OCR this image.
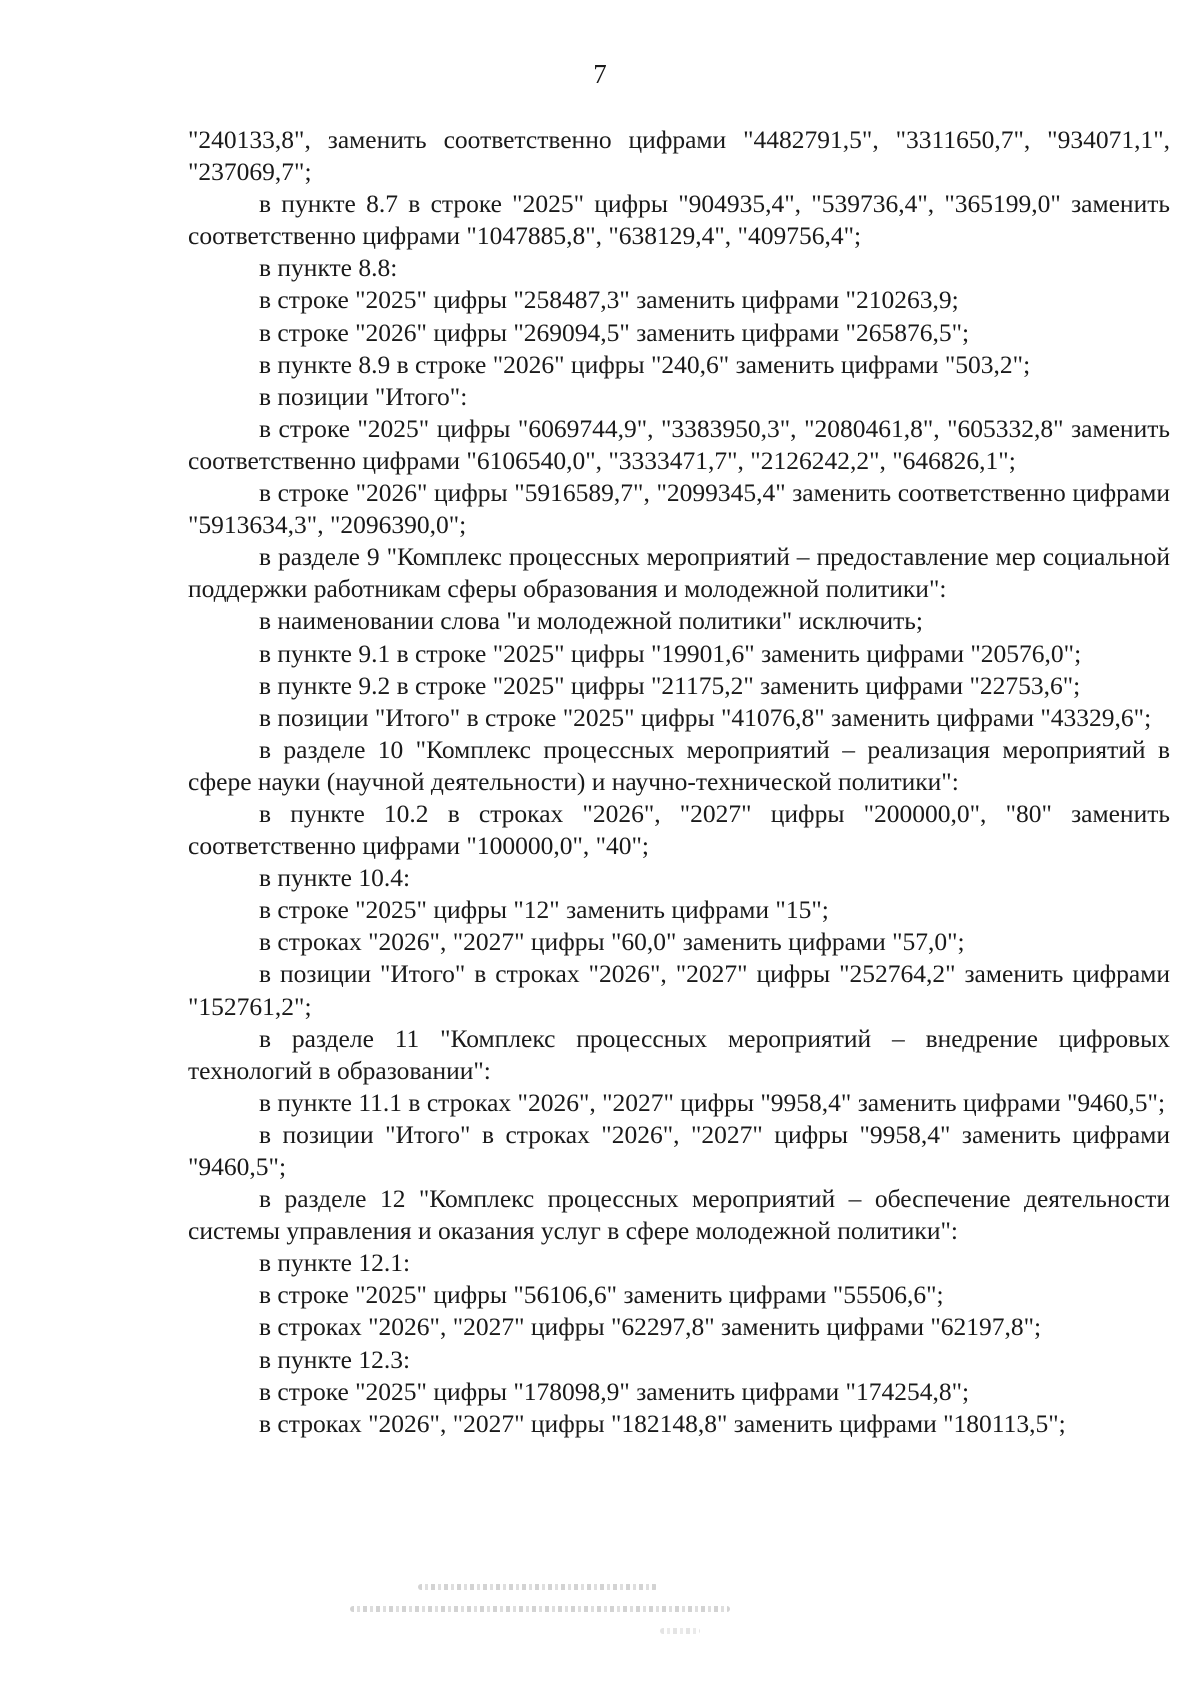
7

"240133,8", заменить соответственно цифрами "4482791,5", "3311650,7", "934071,1", "237069,7";

в пункте 8.7 в строке "2025" цифры "904935,4", "539736,4", "365199,0" заменить соответственно цифрами "1047885,8", "638129,4", "409756,4";

в пункте 8.8:

в строке "2025" цифры "258487,3" заменить цифрами "210263,9;

в строке "2026" цифры "269094,5" заменить цифрами "265876,5";

в пункте 8.9 в строке "2026" цифры "240,6" заменить цифрами "503,2";

в позиции "Итого":

в строке "2025" цифры "6069744,9", "3383950,3", "2080461,8", "605332,8" заменить соответственно цифрами "6106540,0", "3333471,7", "2126242,2", "646826,1";

в строке "2026" цифры "5916589,7", "2099345,4" заменить соответственно цифрами "5913634,3", "2096390,0";

в разделе 9 "Комплекс процессных мероприятий – предоставление мер социальной поддержки работникам сферы образования и молодежной политики":

в наименовании слова "и молодежной политики" исключить;

в пункте 9.1 в строке "2025" цифры "19901,6" заменить цифрами "20576,0";

в пункте 9.2 в строке "2025" цифры "21175,2" заменить цифрами "22753,6";

в позиции "Итого" в строке "2025" цифры "41076,8" заменить цифрами "43329,6";

в разделе 10 "Комплекс процессных мероприятий – реализация мероприятий в сфере науки (научной деятельности) и научно-технической политики":

в пункте 10.2 в строках "2026", "2027" цифры "200000,0", "80" заменить соответственно цифрами "100000,0", "40";

в пункте 10.4:

в строке "2025" цифры "12" заменить цифрами "15";

в строках "2026", "2027" цифры "60,0" заменить цифрами "57,0";

в позиции "Итого" в строках "2026", "2027" цифры "252764,2" заменить цифрами "152761,2";

в разделе 11 "Комплекс процессных мероприятий – внедрение цифровых технологий в образовании":

в пункте 11.1 в строках "2026", "2027" цифры "9958,4" заменить цифрами "9460,5";

в позиции "Итого" в строках "2026", "2027" цифры "9958,4" заменить цифрами "9460,5";

в разделе 12 "Комплекс процессных мероприятий – обеспечение деятельности системы управления и оказания услуг в сфере молодежной политики":

в пункте 12.1:

в строке "2025" цифры "56106,6" заменить цифрами "55506,6";

в строках "2026", "2027" цифры "62297,8" заменить цифрами "62197,8";

в пункте 12.3:

в строке "2025" цифры "178098,9" заменить цифрами "174254,8";

в строках "2026", "2027" цифры "182148,8" заменить цифрами "180113,5";
